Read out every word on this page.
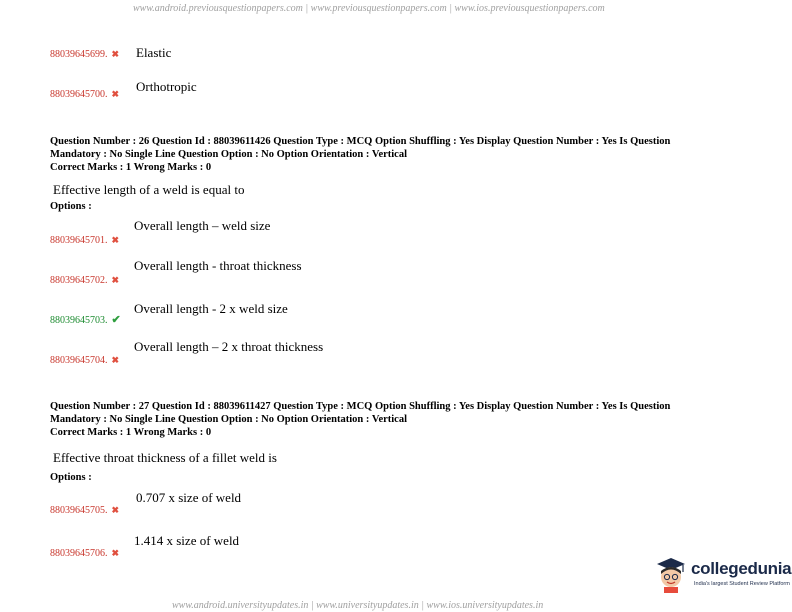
www.android.previousquestionpapers.com | www.previousquestionpapers.com | www.ios.previousquestionpapers.com
88039645699. ✖ Elastic
88039645700. ✖ Orthotropic
Question Number : 26 Question Id : 88039611426 Question Type : MCQ Option Shuffling : Yes Display Question Number : Yes Is Question
Mandatory : No Single Line Question Option : No Option Orientation : Vertical
Correct Marks : 1 Wrong Marks : 0
Effective length of a weld is equal to
Options :
88039645701. ✖
Overall length – weld size
88039645702. ✖
Overall length - throat thickness
88039645703. ✔
Overall length - 2 x weld size
88039645704. ✖
Overall length – 2 x throat thickness
Question Number : 27 Question Id : 88039611427 Question Type : MCQ Option Shuffling : Yes Display Question Number : Yes Is Question
Mandatory : No Single Line Question Option : No Option Orientation : Vertical
Correct Marks : 1 Wrong Marks : 0
Effective throat thickness of a fillet weld is
Options :
88039645705. ✖
0.707 x size of weld
88039645706. ✖
1.414 x size of weld
collegedunia
India's largest Student Review Platform
www.android.universityupdates.in | www.universityupdates.in | www.ios.universityupdates.in
